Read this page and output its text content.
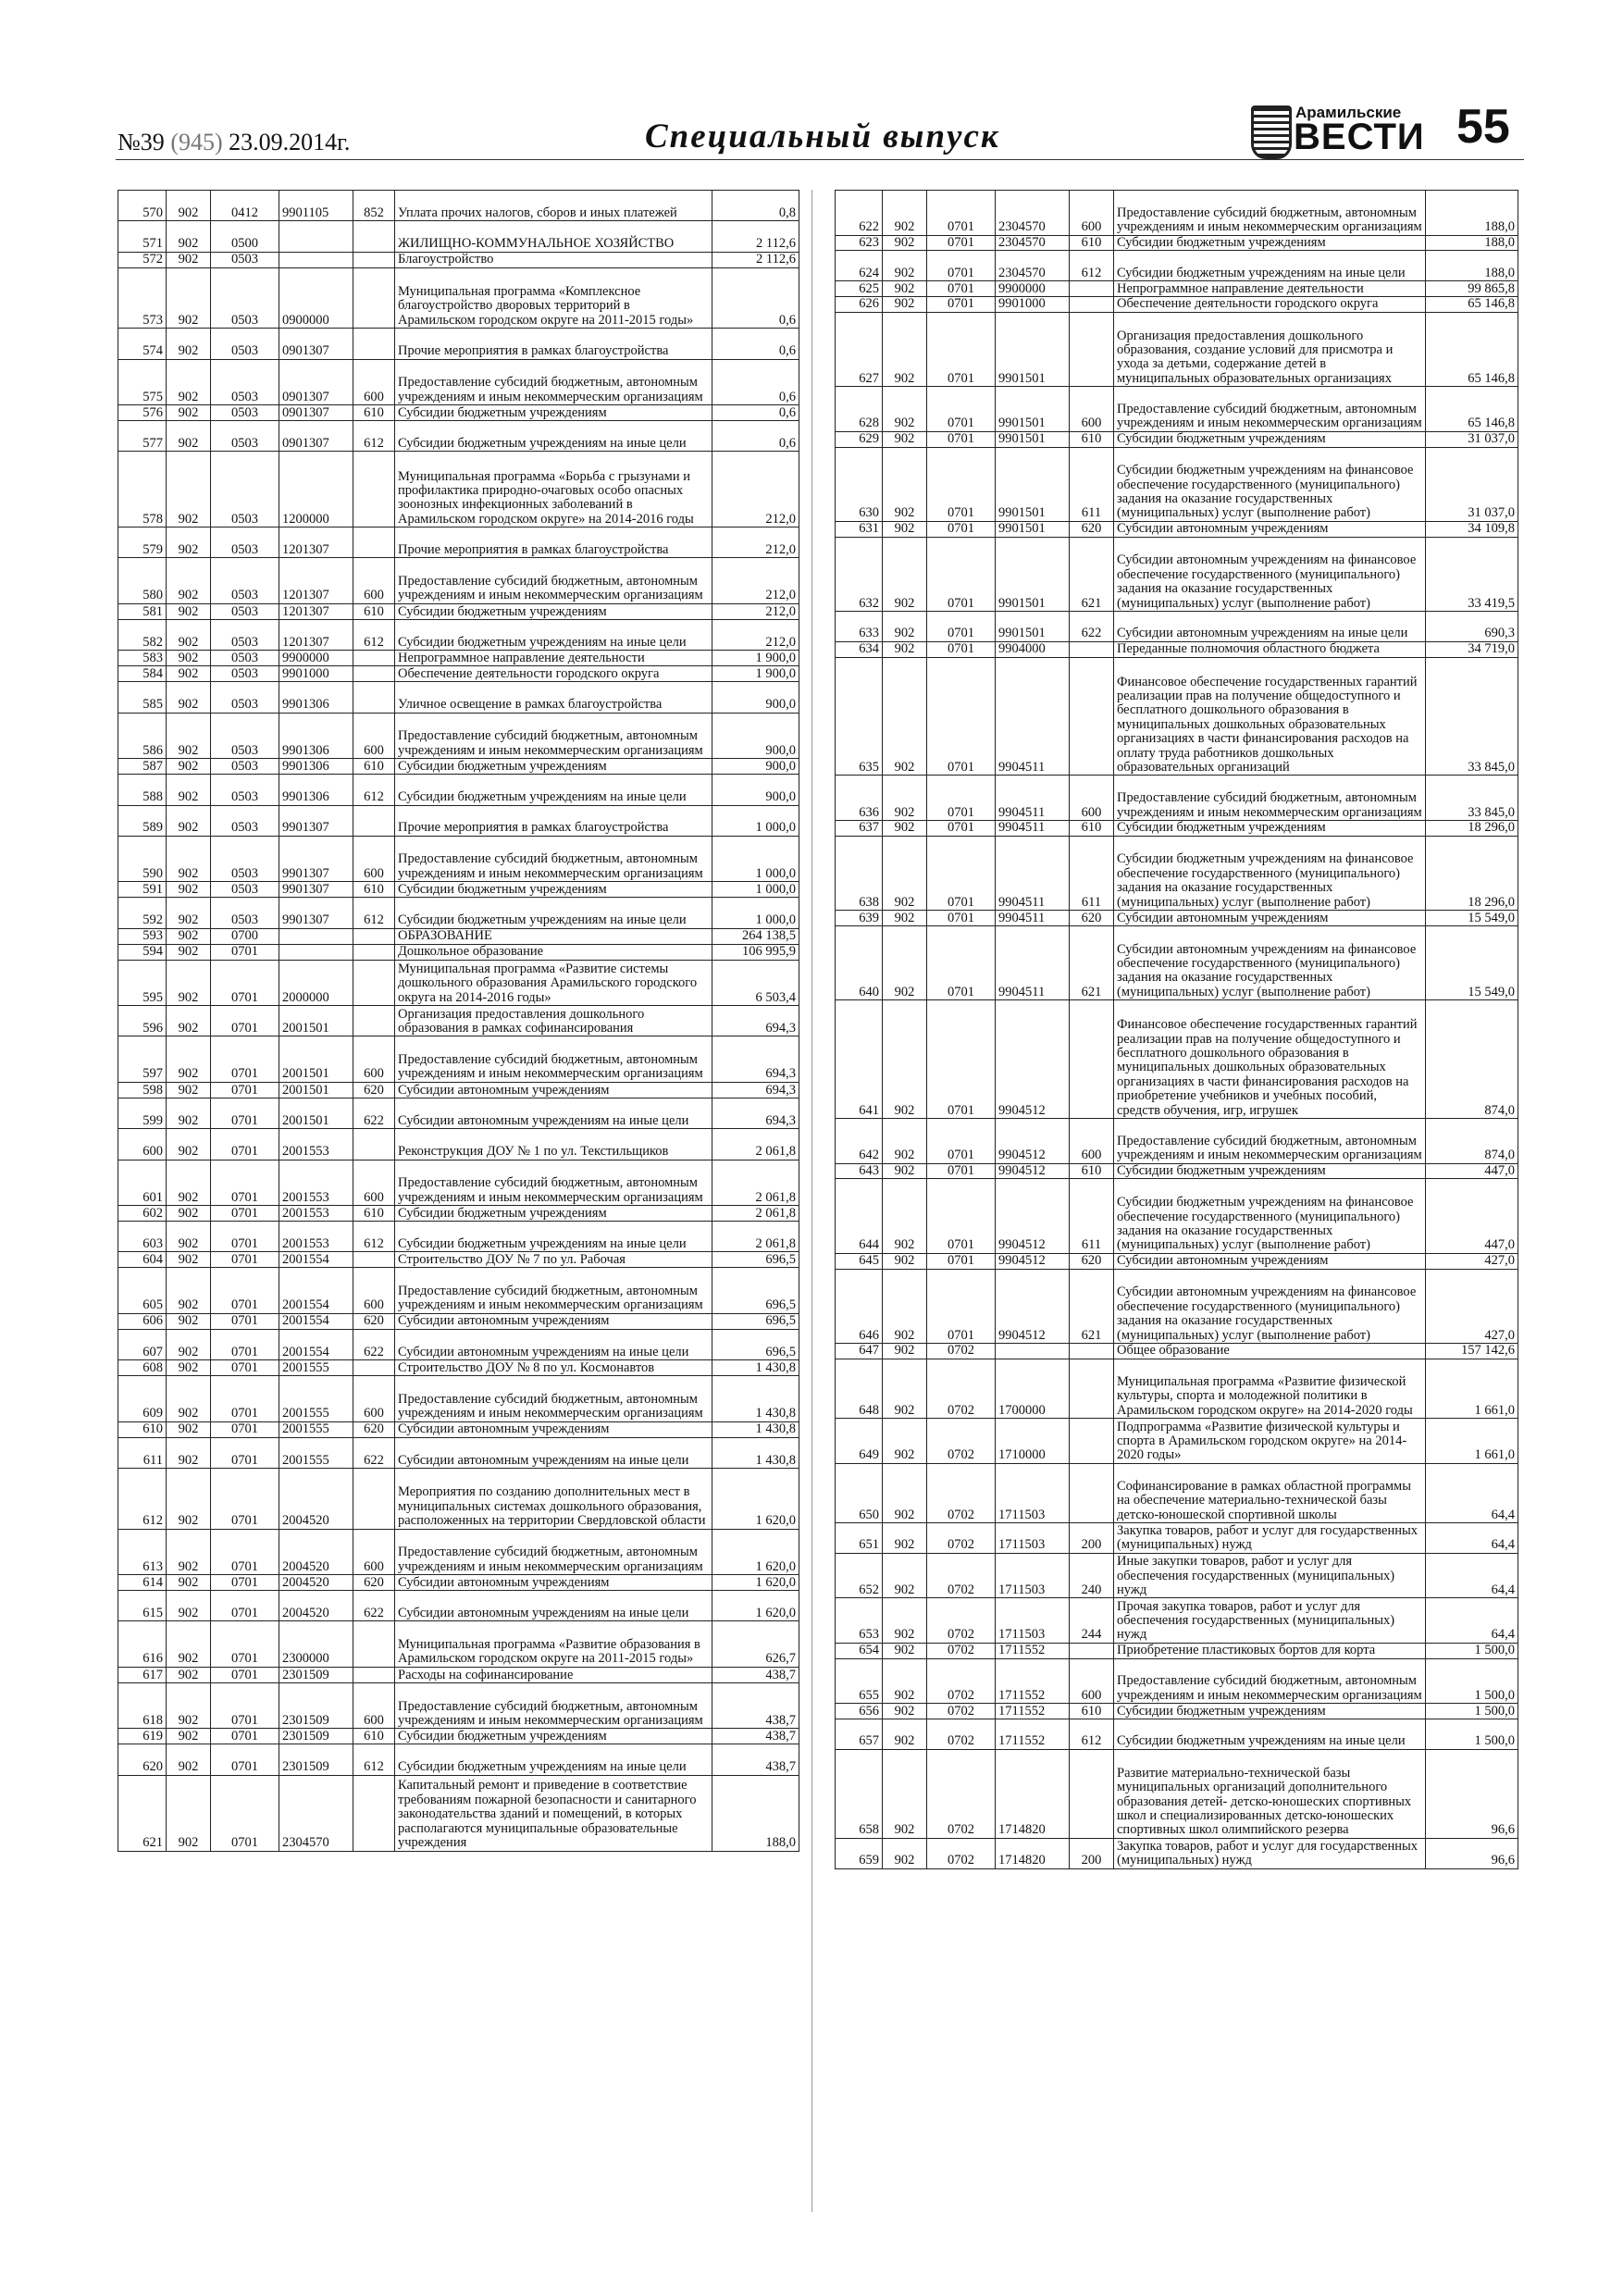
№39 (945) 23.09.2014г.	Специальный выпуск
Арамильские
ВЕСТИ 55
570	902	0412	9901105	852	Уплата прочих налогов, сборов и иных платежей	0,8
571	902	0500			ЖИЛИЩНО-КОММУНАЛЬНОЕ ХОЗЯЙСТВО	2 112,6
572	902	0503			Благоустройство	2 112,6
573	902	0503	0900000		Муниципальная программа «Комплексное благоустройство дворовых территорий в Арамильском городском округе на 2011-2015 годы»	0,6
574	902	0503	0901307		Прочие мероприятия в рамках благоустройства	0,6
575	902	0503	0901307	600	Предоставление субсидий бюджетным, автономным учреждениям и иным некоммерческим организациям	0,6
576	902	0503	0901307	610	Субсидии бюджетным учреждениям	0,6
577	902	0503	0901307	612	Субсидии бюджетным учреждениям на иные цели	0,6
578	902	0503	1200000		Муниципальная программа «Борьба с грызунами и профилактика природно-очаговых особо опасных зоонозных инфекционных заболеваний в Арамильском городском округе» на 2014-2016 годы	212,0
579	902	0503	1201307		Прочие мероприятия в рамках благоустройства	212,0
580	902	0503	1201307	600	Предоставление субсидий бюджетным, автономным учреждениям и иным некоммерческим организациям	212,0
581	902	0503	1201307	610	Субсидии бюджетным учреждениям	212,0
582	902	0503	1201307	612	Субсидии бюджетным учреждениям на иные цели	212,0
583	902	0503	9900000		Непрограммное направление деятельности	1 900,0
584	902	0503	9901000		Обеспечение деятельности городского округа	1 900,0
585	902	0503	9901306		Уличное освещение в рамках благоустройства	900,0
586	902	0503	9901306	600	Предоставление субсидий бюджетным, автономным учреждениям и иным некоммерческим организациям	900,0
587	902	0503	9901306	610	Субсидии бюджетным учреждениям	900,0
588	902	0503	9901306	612	Субсидии бюджетным учреждениям на иные цели	900,0
589	902	0503	9901307		Прочие мероприятия в рамках благоустройства	1 000,0
590	902	0503	9901307	600	Предоставление субсидий бюджетным, автономным учреждениям и иным некоммерческим организациям	1 000,0
591	902	0503	9901307	610	Субсидии бюджетным учреждениям	1 000,0
592	902	0503	9901307	612	Субсидии бюджетным учреждениям на иные цели	1 000,0
593	902	0700			ОБРАЗОВАНИЕ	264 138,5
594	902	0701			Дошкольное образование	106 995,9
595	902	0701	2000000		Муниципальная программа «Развитие системы дошкольного образования Арамильского городского округа на 2014-2016 годы»	6 503,4
596	902	0701	2001501		Организация предоставления дошкольного образования в рамках софинансирования	694,3
597	902	0701	2001501	600	Предоставление субсидий бюджетным, автономным учреждениям и иным некоммерческим организациям	694,3
598	902	0701	2001501	620	Субсидии автономным учреждениям	694,3
599	902	0701	2001501	622	Субсидии автономным учреждениям на иные цели	694,3
600	902	0701	2001553		Реконструкция ДОУ № 1 по ул. Текстильщиков	2 061,8
601	902	0701	2001553	600	Предоставление субсидий бюджетным, автономным учреждениям и иным некоммерческим организациям	2 061,8
602	902	0701	2001553	610	Субсидии бюджетным учреждениям	2 061,8
603	902	0701	2001553	612	Субсидии бюджетным учреждениям на иные цели	2 061,8
604	902	0701	2001554		Строительство ДОУ № 7 по ул. Рабочая	696,5
605	902	0701	2001554	600	Предоставление субсидий бюджетным, автономным учреждениям и иным некоммерческим организациям	696,5
606	902	0701	2001554	620	Субсидии автономным учреждениям	696,5
607	902	0701	2001554	622	Субсидии автономным учреждениям на иные цели	696,5
608	902	0701	2001555		Строительство ДОУ № 8 по ул. Космонавтов	1 430,8
609	902	0701	2001555	600	Предоставление субсидий бюджетным, автономным учреждениям и иным некоммерческим организациям	1 430,8
610	902	0701	2001555	620	Субсидии автономным учреждениям	1 430,8
611	902	0701	2001555	622	Субсидии автономным учреждениям на иные цели	1 430,8
612	902	0701	2004520		Мероприятия по созданию дополнительных мест в муниципальных системах дошкольного образования, расположенных на территории Свердловской области	1 620,0
613	902	0701	2004520	600	Предоставление субсидий бюджетным, автономным учреждениям и иным некоммерческим организациям	1 620,0
614	902	0701	2004520	620	Субсидии автономным учреждениям	1 620,0
615	902	0701	2004520	622	Субсидии автономным учреждениям на иные цели	1 620,0
616	902	0701	2300000		Муниципальная программа «Развитие образования в Арамильском городском округе на 2011-2015 годы»	626,7
617	902	0701	2301509		Расходы на софинансирование	438,7
618	902	0701	2301509	600	Предоставление субсидий бюджетным, автономным учреждениям и иным некоммерческим организациям	438,7
619	902	0701	2301509	610	Субсидии бюджетным учреждениям	438,7
620	902	0701	2301509	612	Субсидии бюджетным учреждениям на иные цели	438,7
621	902	0701	2304570		Капитальный ремонт и приведение в соответствие требованиям пожарной безопасности и санитарного законодательства зданий и помещений, в которых располагаются муниципальные образовательные учреждения	188,0
622	902	0701	2304570	600	Предоставление субсидий бюджетным, автономным учреждениям и иным некоммерческим организациям	188,0
623	902	0701	2304570	610	Субсидии бюджетным учреждениям	188,0
624	902	0701	2304570	612	Субсидии бюджетным учреждениям на иные цели	188,0
625	902	0701	9900000		Непрограммное направление деятельности	99 865,8
626	902	0701	9901000		Обеспечение деятельности городского округа	65 146,8
627	902	0701	9901501		Организация предоставления дошкольного образования, создание условий для присмотра и ухода за детьми, содержание детей в муниципальных образовательных организациях	65 146,8
628	902	0701	9901501	600	Предоставление субсидий бюджетным, автономным учреждениям и иным некоммерческим организациям	65 146,8
629	902	0701	9901501	610	Субсидии бюджетным учреждениям	31 037,0
630	902	0701	9901501	611	Субсидии бюджетным учреждениям на финансовое обеспечение государственного (муниципального) задания на оказание государственных (муниципальных) услуг (выполнение работ)	31 037,0
631	902	0701	9901501	620	Субсидии автономным учреждениям	34 109,8
632	902	0701	9901501	621	Субсидии автономным учреждениям на финансовое обеспечение государственного (муниципального) задания на оказание государственных (муниципальных) услуг (выполнение работ)	33 419,5
633	902	0701	9901501	622	Субсидии автономным учреждениям на иные цели	690,3
634	902	0701	9904000		Переданные полномочия областного бюджета	34 719,0
635	902	0701	9904511		Финансовое обеспечение государственных гарантий реализации прав на получение общедоступного и бесплатного дошкольного образования в муниципальных дошкольных образовательных организациях в части финансирования расходов на оплату труда работников дошкольных образовательных организаций	33 845,0
636	902	0701	9904511	600	Предоставление субсидий бюджетным, автономным учреждениям и иным некоммерческим организациям	33 845,0
637	902	0701	9904511	610	Субсидии бюджетным учреждениям	18 296,0
638	902	0701	9904511	611	Субсидии бюджетным учреждениям на финансовое обеспечение государственного (муниципального) задания на оказание государственных (муниципальных) услуг (выполнение работ)	18 296,0
639	902	0701	9904511	620	Субсидии автономным учреждениям	15 549,0
640	902	0701	9904511	621	Субсидии автономным учреждениям на финансовое обеспечение государственного (муниципального) задания на оказание государственных (муниципальных) услуг (выполнение работ)	15 549,0
641	902	0701	9904512		Финансовое обеспечение государственных гарантий реализации прав на получение общедоступного и бесплатного дошкольного образования в муниципальных дошкольных образовательных организациях в части финансирования расходов на приобретение учебников и учебных пособий, средств обучения, игр, игрушек	874,0
642	902	0701	9904512	600	Предоставление субсидий бюджетным, автономным учреждениям и иным некоммерческим организациям	874,0
643	902	0701	9904512	610	Субсидии бюджетным учреждениям	447,0
644	902	0701	9904512	611	Субсидии бюджетным учреждениям на финансовое обеспечение государственного (муниципального) задания на оказание государственных (муниципальных) услуг (выполнение работ)	447,0
645	902	0701	9904512	620	Субсидии автономным учреждениям	427,0
646	902	0701	9904512	621	Субсидии автономным учреждениям на финансовое обеспечение государственного (муниципального) задания на оказание государственных (муниципальных) услуг (выполнение работ)	427,0
647	902	0702			Общее образование	157 142,6
648	902	0702	1700000		Муниципальная программа «Развитие физической культуры, спорта и молодежной политики в Арамильском городском округе» на 2014-2020 годы	1 661,0
649	902	0702	1710000		Подпрограмма «Развитие физической культуры и спорта в Арамильском городском округе» на 2014-2020 годы»	1 661,0
650	902	0702	1711503		Софинансирование в рамках областной программы на обеспечение материально-технической базы детско-юношеской спортивной школы	64,4
651	902	0702	1711503	200	Закупка товаров, работ и услуг для государственных (муниципальных) нужд	64,4
652	902	0702	1711503	240	Иные закупки товаров, работ и услуг для обеспечения государственных (муниципальных) нужд	64,4
653	902	0702	1711503	244	Прочая закупка товаров, работ и услуг для обеспечения государственных (муниципальных) нужд	64,4
654	902	0702	1711552		Приобретение пластиковых бортов для корта	1 500,0
655	902	0702	1711552	600	Предоставление субсидий бюджетным, автономным учреждениям и иным некоммерческим организациям	1 500,0
656	902	0702	1711552	610	Субсидии бюджетным учреждениям	1 500,0
657	902	0702	1711552	612	Субсидии бюджетным учреждениям на иные цели	1 500,0
658	902	0702	1714820		Развитие материально-технической базы муниципальных организаций дополнительного образования детей- детско-юношеских спортивных школ и специализированных детско-юношеских спортивных школ олимпийского резерва	96,6
659	902	0702	1714820	200	Закупка товаров, работ и услуг для государственных (муниципальных) нужд	96,6
